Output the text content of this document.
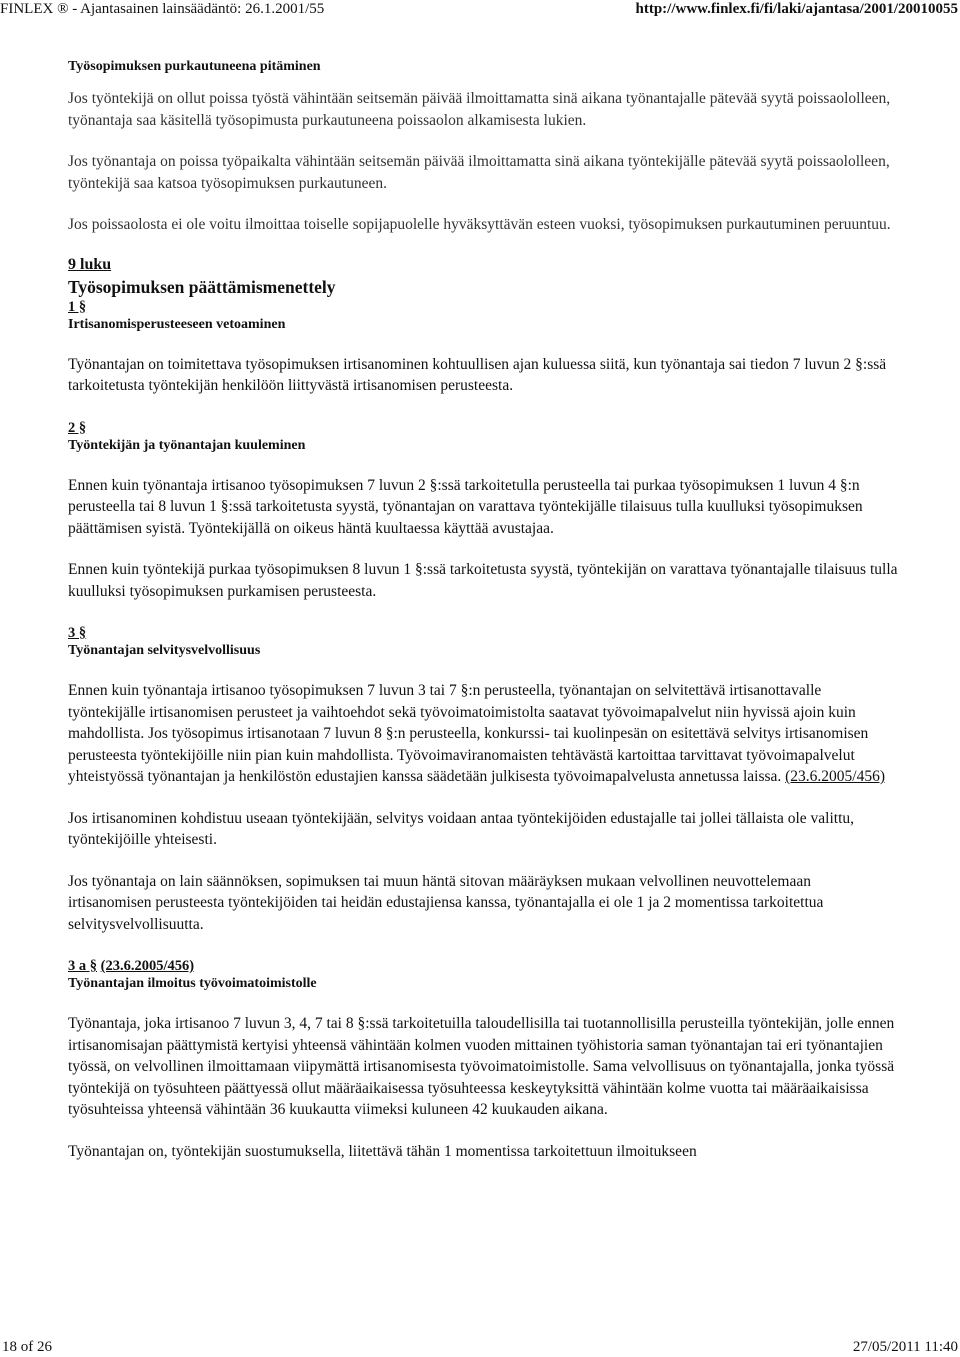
FINLEX ® - Ajantasainen lainsäädäntö: 26.1.2001/55	http://www.finlex.fi/fi/laki/ajantasa/2001/20010055

Työsopimuksen purkautuneena pitäminen

Jos työntekijä on ollut poissa työstä vähintään seitsemän päivää ilmoittamatta sinä aikana työnantajalle pätevää syytä poissaololleen, työnantaja saa käsitellä työsopimusta purkautuneena poissaolon alkamisesta lukien.

Jos työnantaja on poissa työpaikalta vähintään seitsemän päivää ilmoittamatta sinä aikana työntekijälle pätevää syytä poissaololleen, työntekijä saa katsoa työsopimuksen purkautuneen.

Jos poissaolosta ei ole voitu ilmoittaa toiselle sopijapuolelle hyväksyttävän esteen vuoksi, työsopimuksen purkautuminen peruuntuu.

9 luku

Työsopimuksen päättämismenettely

1 §

Irtisanomisperusteeseen vetoaminen

Työnantajan on toimitettava työsopimuksen irtisanominen kohtuullisen ajan kuluessa siitä, kun työnantaja sai tiedon 7 luvun 2 §:ssä tarkoitetusta työntekijän henkilöön liittyvästä irtisanomisen perusteesta.

2 §

Työntekijän ja työnantajan kuuleminen

Ennen kuin työnantaja irtisanoo työsopimuksen 7 luvun 2 §:ssä tarkoitetulla perusteella tai purkaa työsopimuksen 1 luvun 4 §:n perusteella tai 8 luvun 1 §:ssä tarkoitetusta syystä, työnantajan on varattava työntekijälle tilaisuus tulla kuulluksi työsopimuksen päättämisen syistä. Työntekijällä on oikeus häntä kuultaessa käyttää avustajaa.

Ennen kuin työntekijä purkaa työsopimuksen 8 luvun 1 §:ssä tarkoitetusta syystä, työntekijän on varattava työnantajalle tilaisuus tulla kuulluksi työsopimuksen purkamisen perusteesta.

3 §

Työnantajan selvitysvelvollisuus

Ennen kuin työnantaja irtisanoo työsopimuksen 7 luvun 3 tai 7 §:n perusteella, työnantajan on selvitettävä irtisanottavalle työntekijälle irtisanomisen perusteet ja vaihtoehdot sekä työvoimatoimistolta saatavat työvoimapalvelut niin hyvissä ajoin kuin mahdollista. Jos työsopimus irtisanotaan 7 luvun 8 §:n perusteella, konkurssi- tai kuolinpesän on esitettävä selvitys irtisanomisen perusteesta työntekijöille niin pian kuin mahdollista. Työvoimaviranomaisten tehtävästä kartoittaa tarvittavat työvoimapalvelut yhteistyössä työnantajan ja henkilöstön edustajien kanssa säädetään julkisesta työvoimapalvelusta annetussa laissa. (23.6.2005/456)

Jos irtisanominen kohdistuu useaan työntekijään, selvitys voidaan antaa työntekijöiden edustajalle tai jollei tällaista ole valittu, työntekijöille yhteisesti.

Jos työnantaja on lain säännöksen, sopimuksen tai muun häntä sitovan määräyksen mukaan velvollinen neuvottelemaan irtisanomisen perusteesta työntekijöiden tai heidän edustajiensa kanssa, työnantajalla ei ole 1 ja 2 momentissa tarkoitettua selvitysvelvollisuutta.

3 a § (23.6.2005/456)

Työnantajan ilmoitus työvoimatoimistolle

Työnantaja, joka irtisanoo 7 luvun 3, 4, 7 tai 8 §:ssä tarkoitetuilla taloudellisilla tai tuotannollisilla perusteilla työntekijän, jolle ennen irtisanomisajan päättymistä kertyisi yhteensä vähintään kolmen vuoden mittainen työhistoria saman työnantajan tai eri työnantajien työssä, on velvollinen ilmoittamaan viipymättä irtisanomisesta työvoimatoimistolle. Sama velvollisuus on työnantajalla, jonka työssä työntekijä on työsuhteen päättyessä ollut määräaikaisessa työsuhteessa keskeytyksittä vähintään kolme vuotta tai määräaikaisissa työsuhteissa yhteensä vähintään 36 kuukautta viimeksi kuluneen 42 kuukauden aikana.

Työnantajan on, työntekijän suostumuksella, liitettävä tähän 1 momentissa tarkoitettuun ilmoitukseen

18 of 26	27/05/2011 11:40
